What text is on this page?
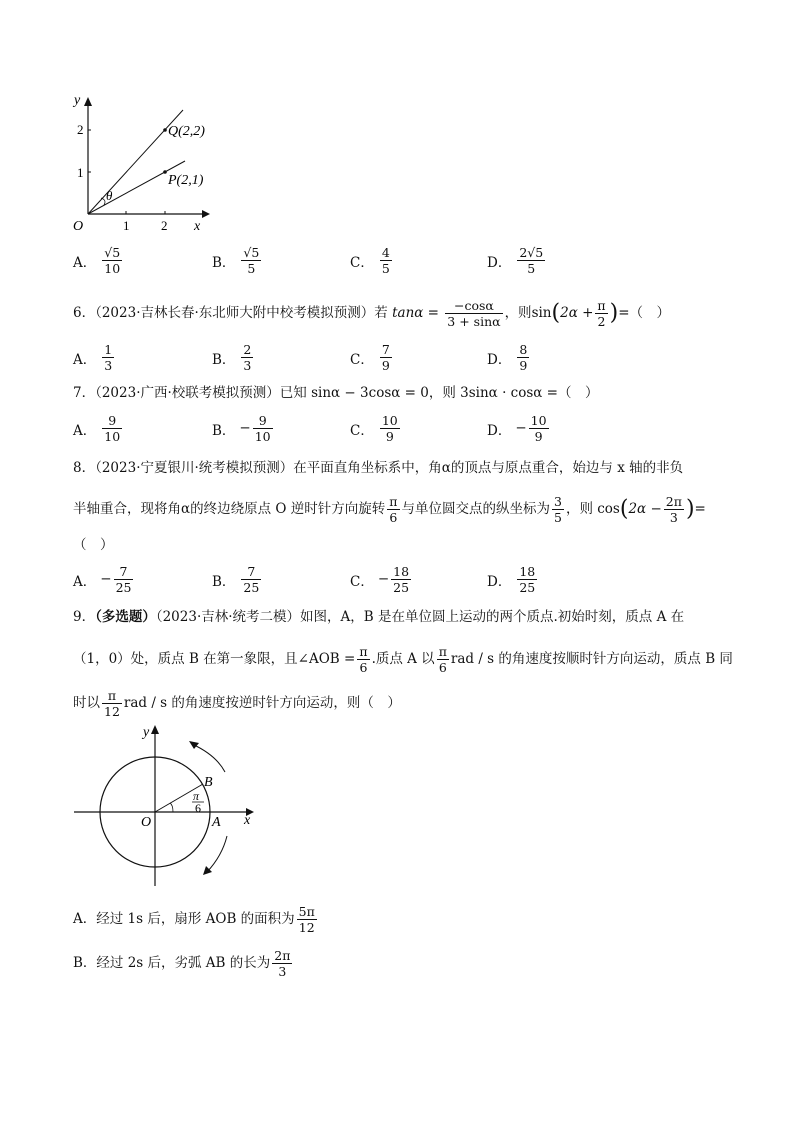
y
x
O	1 2
1
2	Q(2,2)
P(2,1)
θ
A． $\frac{√5}{10}$	B． $\frac{√5}{5}$	C． $\frac{4}{5}$	D． $\frac{2√5}{5}$
6．（2023·吉林长春·东北师大附中校考模拟预测）若 $\tan\alpha = \frac{-\cos\alpha}{3 + \sin\alpha}$ ，则$\sin(2\alpha + \frac{\pi}{2}$ )=（　）
A． $\frac{1}{3}$	B． $\frac{2}{3}$	C． $\frac{7}{9}$	D． $\frac{8}{9}$
7．（2023·广西·校联考模拟预测）已知 sinα − 3cosα = 0，则 3sinα · cosα =（　）
A． $\frac{9}{10}$	B． − $\frac{9}{10}$	C． $\frac{10}{9}$	D． − $\frac{10}{9}$
8．（2023·宁夏银川·统考模拟预测）在平面直角坐标系中，角α的顶点与原点重合，始边与 x 轴的非负
半轴重合，现将角α的终边绕原点 O 逆时针方向旋转 $\frac{\pi}{6}$ 与单位圆交点的纵坐标为 $\frac{3}{5}$ ，则 $\cos(2\alpha - \frac{2\pi}{3}$ )=
（　）
A． − $\frac{7}{25}$	B． $\frac{7}{25}$	C． − $\frac{18}{25}$	D． $\frac{18}{25}$
9．（多选题）（2023·吉林·统考二模）如图，A，B 是在单位圆上运动的两个质点.初始时刻，质点 A 在
（1，0）处，质点 B 在第一象限，且∠AOB = $\frac{\pi}{6}$ .质点 A 以 $\frac{\pi}{6}$ rad / s 的角速度按顺时针方向运动，质点 B 同
时以 $\frac{\pi}{12}$ rad / s 的角速度按逆时针方向运动，则（　）
y
x
O	A
B
π
6
A．经过 1s 后，扇形 AOB 的面积为 $\frac{5\pi}{12}$
B．经过 2s 后，劣弧 AB 的长为 $\frac{2\pi}{3}$
